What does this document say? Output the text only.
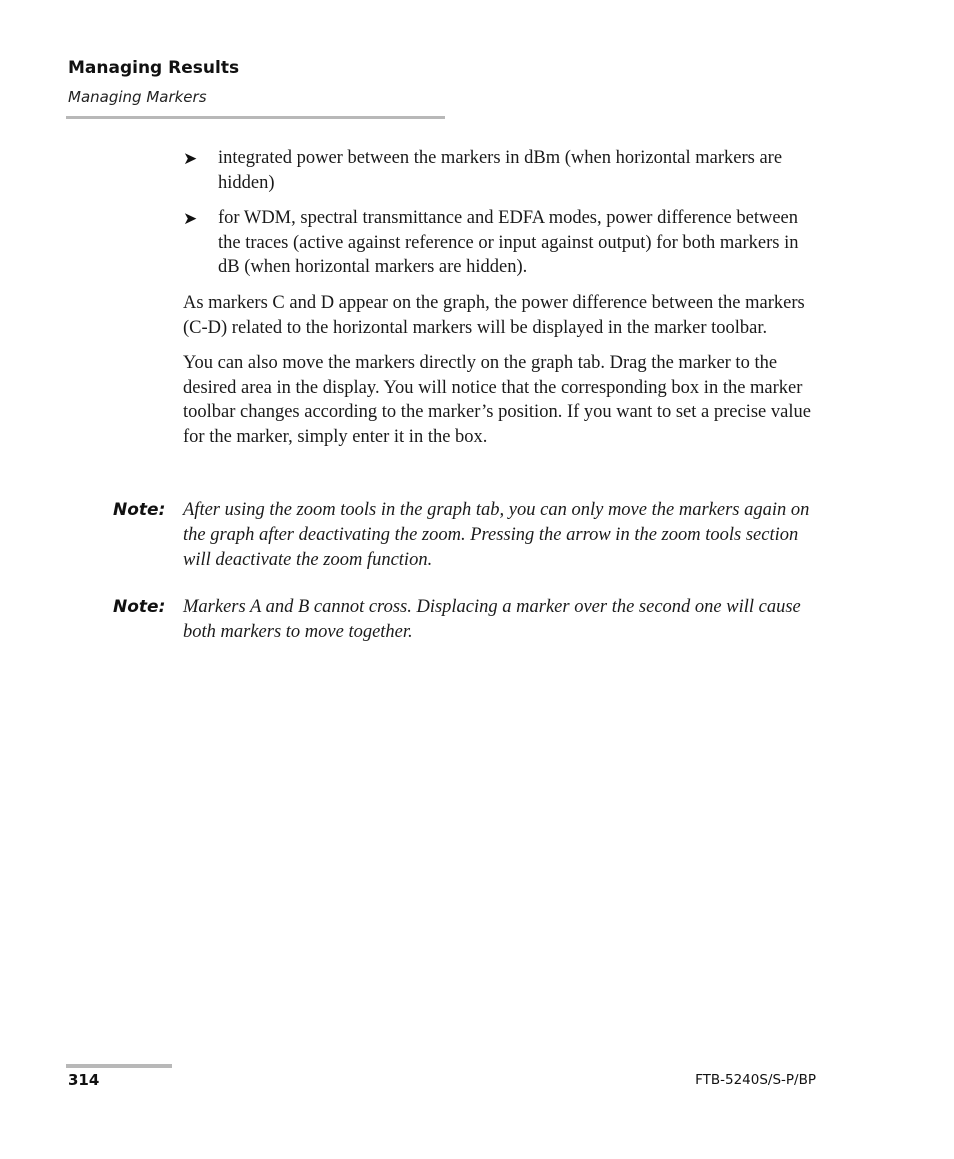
Managing Results
Managing Markers
➤ integrated power between the markers in dBm (when horizontal markers are hidden)
➤ for WDM, spectral transmittance and EDFA modes, power difference between the traces (active against reference or input against output) for both markers in dB (when horizontal markers are hidden).

As markers C and D appear on the graph, the power difference between the markers (C-D) related to the horizontal markers will be displayed in the marker toolbar.

You can also move the markers directly on the graph tab. Drag the marker to the desired area in the display. You will notice that the corresponding box in the marker toolbar changes according to the marker’s position. If you want to set a precise value for the marker, simply enter it in the box.

Note: After using the zoom tools in the graph tab, you can only move the markers again on the graph after deactivating the zoom. Pressing the arrow in the zoom tools section will deactivate the zoom function.
Note: Markers A and B cannot cross. Displacing a marker over the second one will cause both markers to move together.
314	FTB-5240S/S-P/BP
